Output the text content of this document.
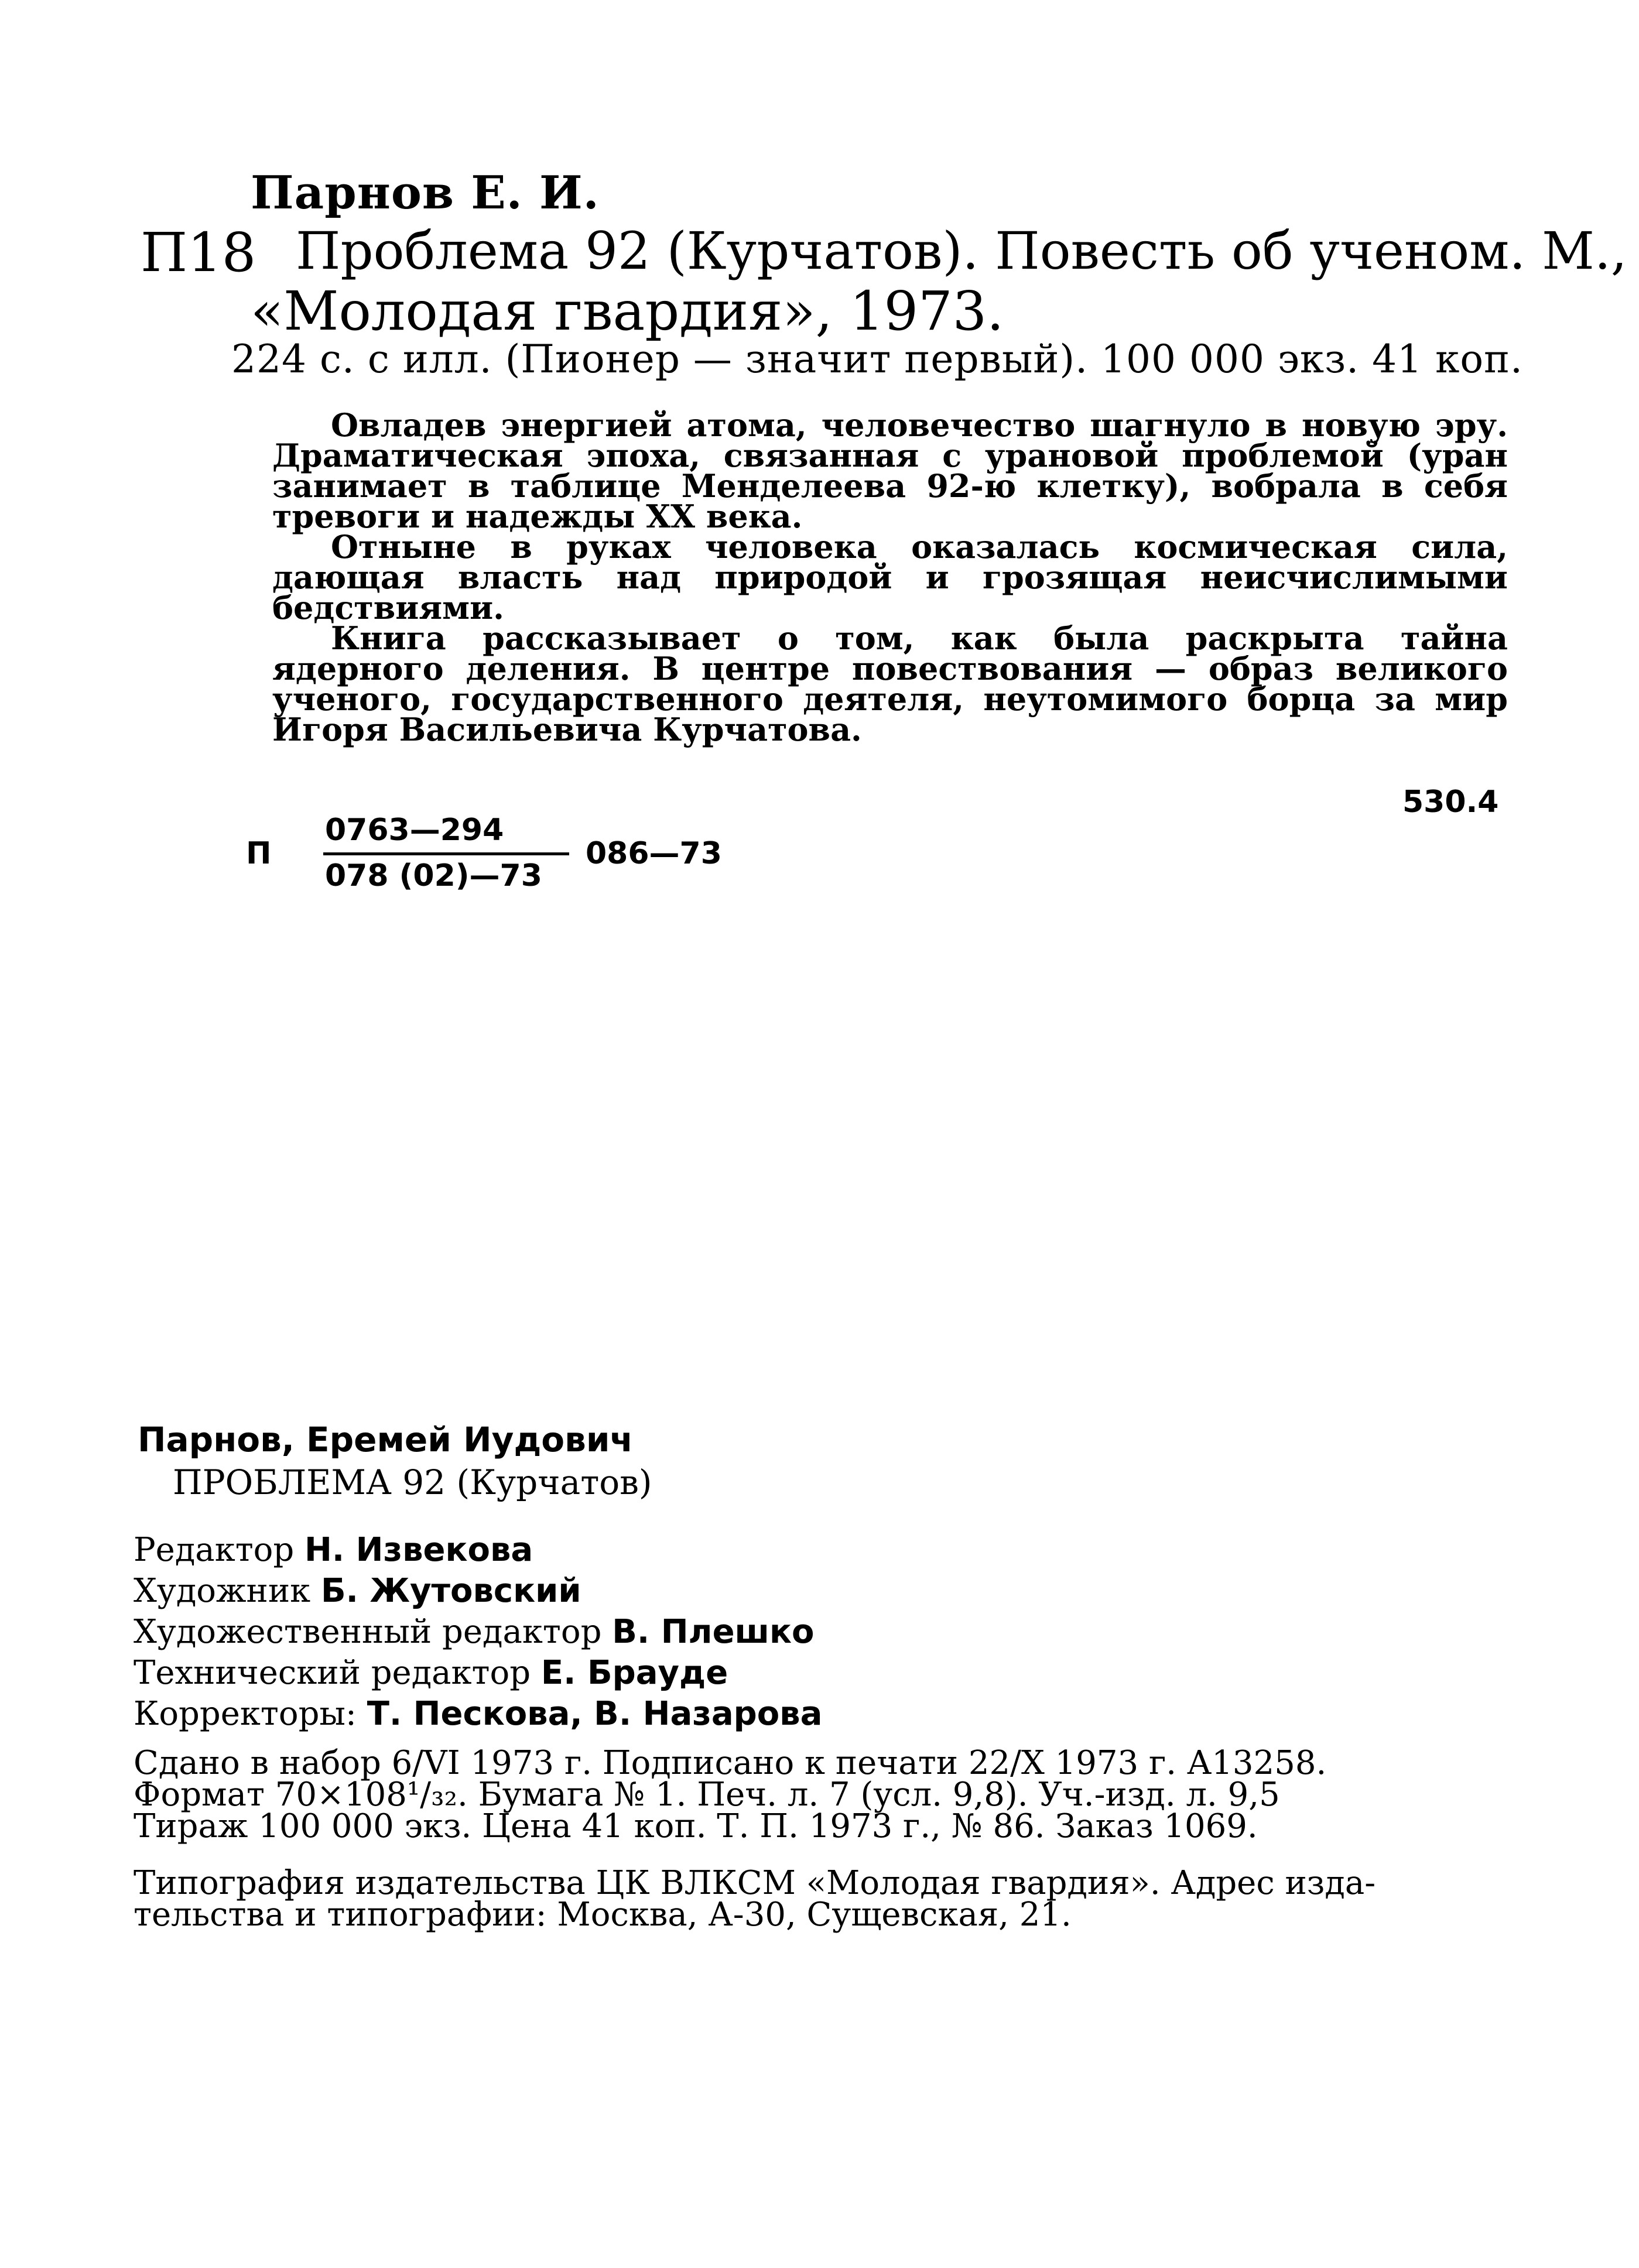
Парнов Е. И.
П18 Проблема 92 (Курчатов). Повесть об ученом. М.,
«Молодая гвардия», 1973.
224 с. с илл. (Пионер — значит первый). 100 000 экз. 41 коп.

Овладев энергией атома, человечество шагнуло в новую эру. Драматическая эпоха, связанная с урановой проблемой (уран занимает в таблице Менделеева 92-ю клетку), вобрала в себя тревоги и надежды XX века.

Отныне в руках человека оказалась космическая сила, дающая власть над природой и грозящая неисчислимыми бедствиями.

Книга рассказывает о том, как была раскрыта тайна ядерного деления. В центре повествования — образ великого ученого, государственного деятеля, неутомимого борца за мир Игоря Васильевича Курчатова.

530.4
П
0763—294
078 (02)—73
086—73
Парнов, Еремей Иудович
ПРОБЛЕМА 92 (Курчатов)
Редактор Н. Извекова
Художник Б. Жутовский
Художественный редактор В. Плешко
Технический редактор Е. Брауде
Корректоры: Т. Пескова, В. Назарова
Сдано в набор 6/VI 1973 г. Подписано к печати 22/X 1973 г. А13258.
Формат 70×108¹/₃₂. Бумага № 1. Печ. л. 7 (усл. 9,8). Уч.-изд. л. 9,5
Тираж 100 000 экз. Цена 41 коп. Т. П. 1973 г., № 86. Заказ 1069.
Типография издательства ЦК ВЛКСМ «Молодая гвардия». Адрес изда-
тельства и типографии: Москва, А-30, Сущевская, 21.
